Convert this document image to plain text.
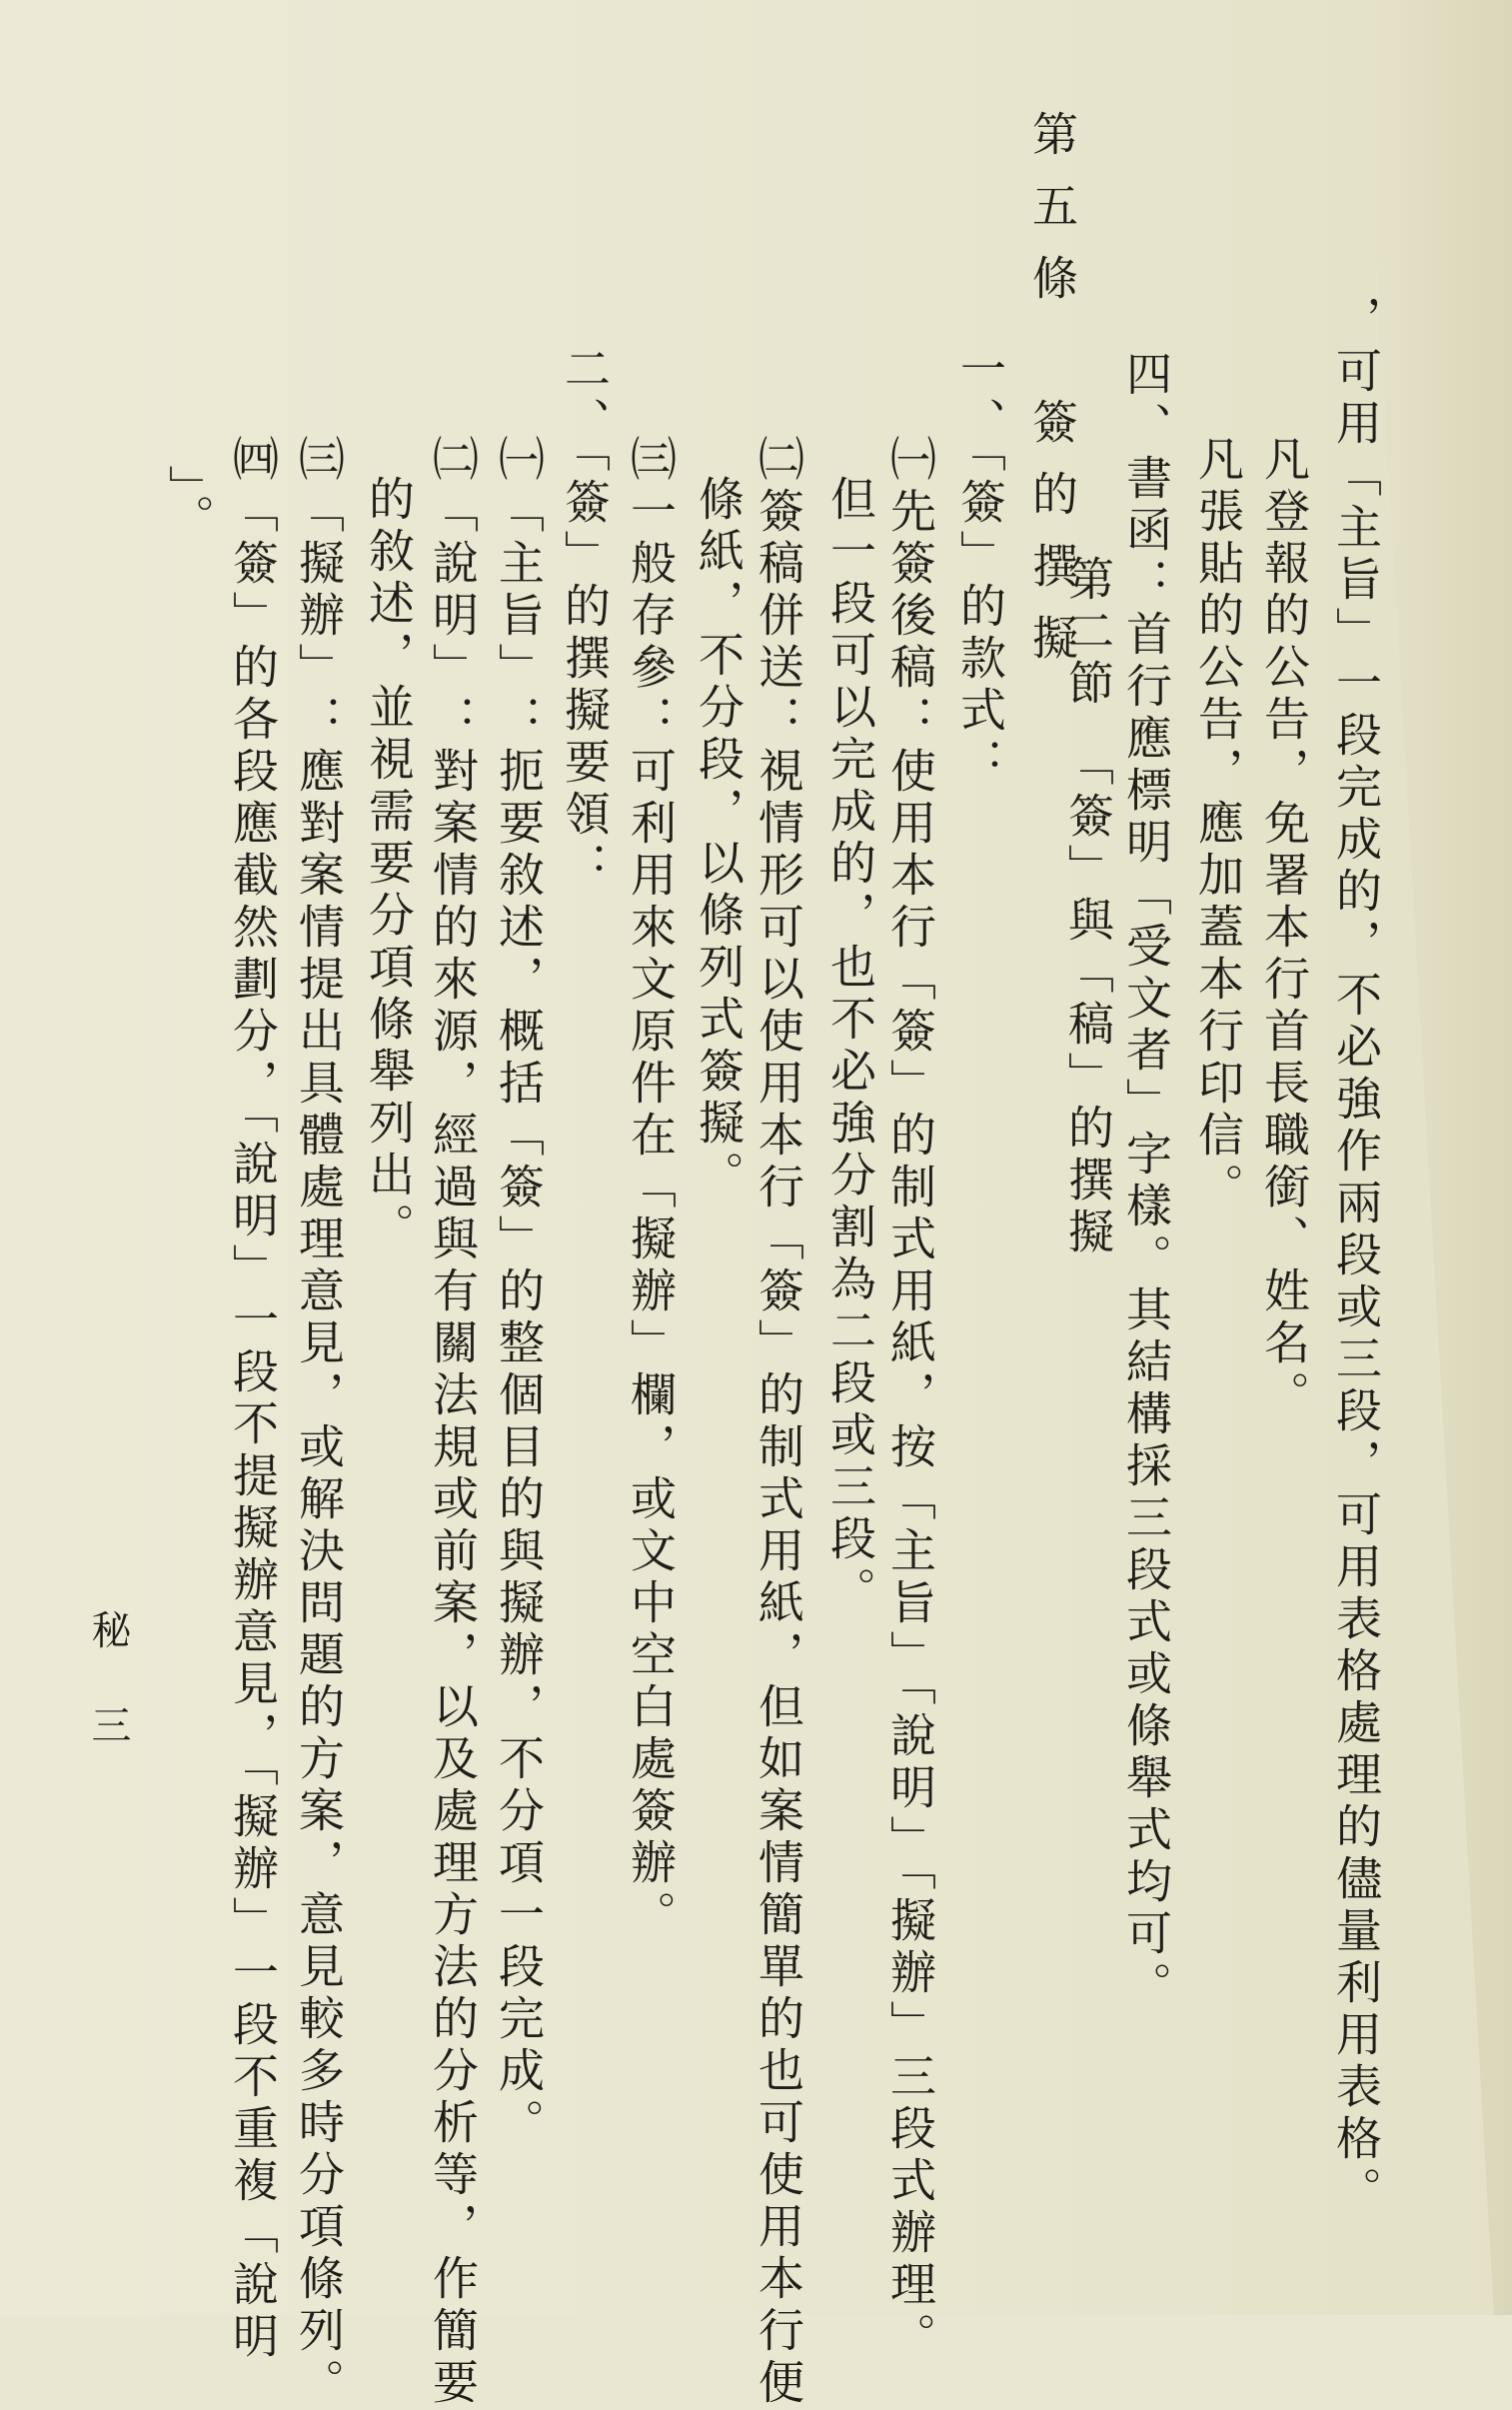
，可用「主旨」一段完成的，不必強作兩段或三段，可用表格處理的儘量利用表格。
凡登報的公告，免署本行首長職銜、姓名。
凡張貼的公告，應加蓋本行印信。
四、書函：首行應標明「受文者」字樣。其結構採三段式或條舉式均可。
第二節　「簽」與「稿」的撰擬
第五條　簽的撰擬
一、「簽」的款式：
㈠先簽後稿：使用本行「簽」的制式用紙，按「主旨」「說明」「擬辦」三段式辦理。
但一段可以完成的，也不必強分割為二段或三段。
㈡簽稿併送：視情形可以使用本行「簽」的制式用紙，但如案情簡單的也可使用本行便
條紙，不分段，以條列式簽擬。
㈢一般存參：可利用來文原件在「擬辦」欄，或文中空白處簽辦。
二、「簽」的撰擬要領：
㈠「主旨」：扼要敘述，概括「簽」的整個目的與擬辦，不分項一段完成。
㈡「說明」：對案情的來源，經過與有關法規或前案，以及處理方法的分析等，作簡要
的敘述，並視需要分項條舉列出。
㈢「擬辦」：應對案情提出具體處理意見，或解決問題的方案，意見較多時分項條列。
㈣「簽」的各段應截然劃分，「說明」一段不提擬辦意見，「擬辦」一段不重複「說明
」。
秘
三
